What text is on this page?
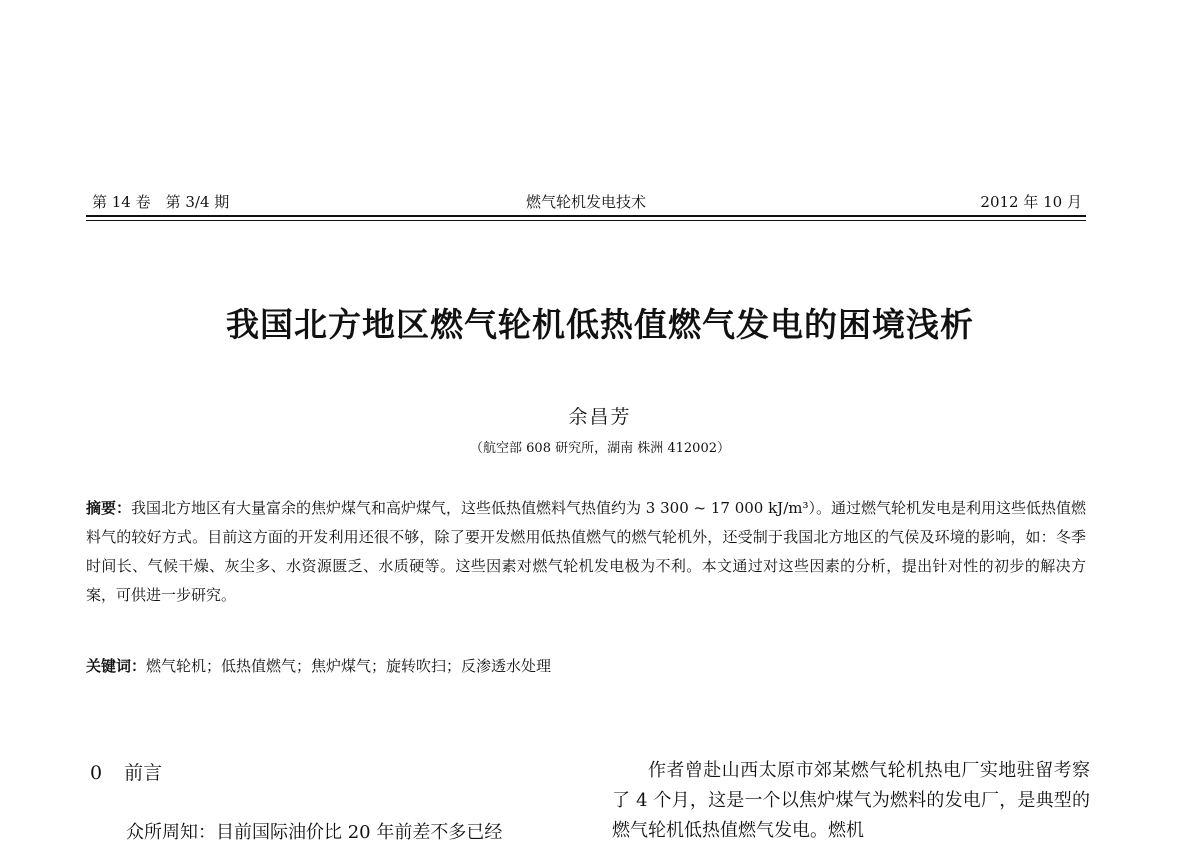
第 14 卷　第 3/4 期	燃气轮机发电技术	2012 年 10 月
我国北方地区燃气轮机低热值燃气发电的困境浅析
余昌芳
（航空部 608 研究所，湖南 株洲 412002）
摘要：我国北方地区有大量富余的焦炉煤气和高炉煤气，这些低热值燃料气热值约为 3 300 ~ 17 000 kJ/m³）。通过燃气轮机发电是利用这些低热值燃料气的较好方式。目前这方面的开发利用还很不够，除了要开发燃用低热值燃气的燃气轮机外，还受制于我国北方地区的气侯及环境的影响，如：冬季时间长、气候干燥、灰尘多、水资源匮乏、水质硬等。这些因素对燃气轮机发电极为不利。本文通过对这些因素的分析，提出针对性的初步的解决方案，可供进一步研究。
关键词：燃气轮机；低热值燃气；焦炉煤气；旋转吹扫；反渗透水处理
0 前言
众所周知：目前国际油价比 20 年前差不多已经
作者曾赴山西太原市郊某燃气轮机热电厂实地驻留考察了 4 个月，这是一个以焦炉煤气为燃料的发电厂，是典型的燃气轮机低热值燃气发电。燃机
